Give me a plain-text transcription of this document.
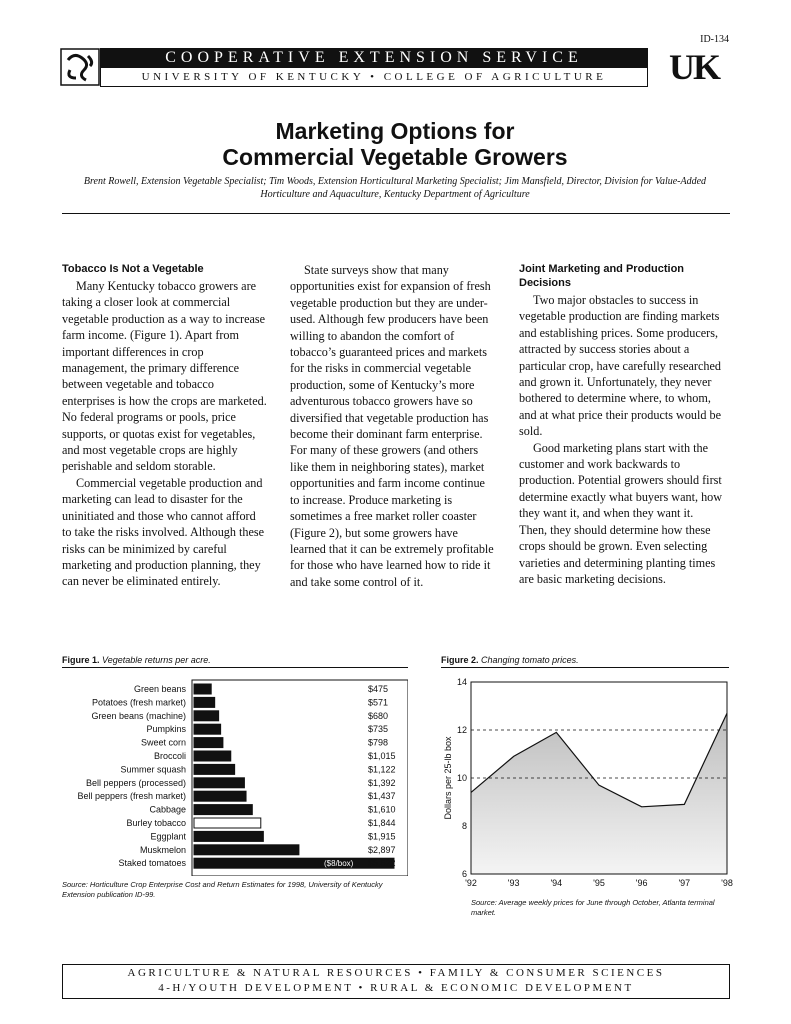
ID-134
COOPERATIVE EXTENSION SERVICE
UNIVERSITY OF KENTUCKY • COLLEGE OF AGRICULTURE	UK
Marketing Options for
Commercial Vegetable Growers
Brent Rowell, Extension Vegetable Specialist; Tim Woods, Extension Horticultural Marketing Specialist; Jim Mansfield, Director, Division for Value-Added Horticulture and Aquaculture, Kentucky Department of Agriculture
Tobacco Is Not a Vegetable

Many Kentucky tobacco growers are taking a closer look at commercial vegetable production as a way to increase farm income. (Figure 1). Apart from important differences in crop management, the primary difference between vegetable and tobacco enterprises is how the crops are marketed. No federal programs or pools, price supports, or quotas exist for vegetables, and most vegetable crops are highly perishable and seldom storable.

Commercial vegetable production and marketing can lead to disaster for the uninitiated and those who cannot afford to take the risks involved. Although these risks can be minimized by careful marketing and production planning, they can never be eliminated entirely.

State surveys show that many opportunities exist for expansion of fresh vegetable production but they are under-used. Although few producers have been willing to abandon the comfort of tobacco’s guaranteed prices and markets for the risks in commercial vegetable production, some of Kentucky’s more adventurous tobacco growers have so diversified that vegetable production has become their dominant farm enterprise. For many of these growers (and others like them in neighboring states), market opportunities and farm income continue to increase. Produce marketing is sometimes a free market roller coaster (Figure 2), but some growers have learned that it can be extremely profitable for those who have learned how to ride it and take some control of it.

Joint Marketing and Production Decisions

Two major obstacles to success in vegetable production are finding markets and establishing prices. Some producers, attracted by success stories about a particular crop, have carefully researched and grown it. Unfortunately, they never bothered to determine where, to whom, and at what price their products would be sold.

Good marketing plans start with the customer and work backwards to production. Potential growers should first determine exactly what buyers want, how they want it, and when they want it. Then, they should determine how these crops should be grown. Even selecting varieties and determining planting times are basic marketing decisions.

Figure 1. Vegetable returns per acre.
Green beans	$475
Potatoes (fresh market)	$571
Green beans (machine)	$680
Pumpkins	$735
Sweet corn	$798
Broccoli	$1,015
Summer squash	$1,122
Bell peppers (processed)	$1,392
Bell peppers (fresh market)	$1,437
Cabbage	$1,610
Burley tobacco	$1,844
Eggplant	$1,915
Muskmelon	$2,897
Staked tomatoes	$5,522
($8/box)
Source: Horticulture Crop Enterprise Cost and Return Estimates for 1998, University of Kentucky Extension publication ID-99.
Figure 2. Changing tomato prices.
6
8
10
12
14
'92	'93	'94	'95	'96	'97	'98
Dollars per 25-lb box
Source: Average weekly prices for June through October, Atlanta terminal market.
AGRICULTURE & NATURAL RESOURCES • FAMILY & CONSUMER SCIENCES
4-H/YOUTH DEVELOPMENT • RURAL & ECONOMIC DEVELOPMENT
